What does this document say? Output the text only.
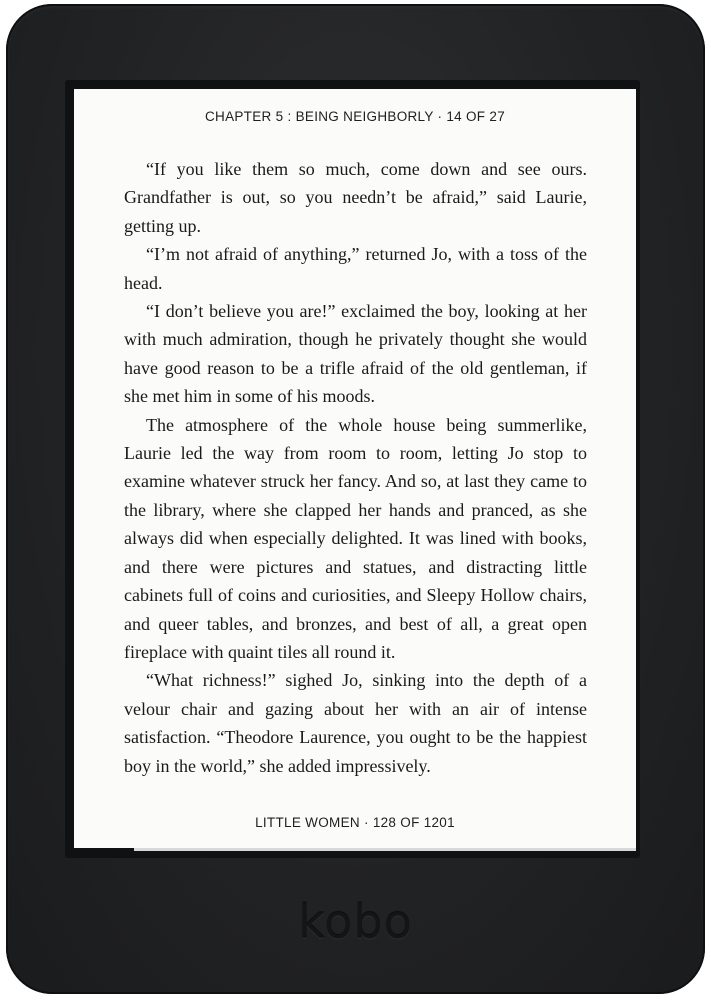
CHAPTER 5 : BEING NEIGHBORLY · 14 OF 27

“If you like them so much, come down and see ours. Grandfather is out, so you needn’t be afraid,” said Laurie, getting up.

“I’m not afraid of anything,” returned Jo, with a toss of the head.

“I don’t believe you are!” exclaimed the boy, looking at her with much admiration, though he privately thought she would have good reason to be a trifle afraid of the old gentleman, if she met him in some of his moods.

The atmosphere of the whole house being summerlike, Laurie led the way from room to room, letting Jo stop to examine whatever struck her fancy. And so, at last they came to the library, where she clapped her hands and pranced, as she always did when especially delighted. It was lined with books, and there were pictures and statues, and distracting little cabinets full of coins and curiosities, and Sleepy Hollow chairs, and queer tables, and bronzes, and best of all, a great open fireplace with quaint tiles all round it.

“What richness!” sighed Jo, sinking into the depth of a velour chair and gazing about her with an air of intense satisfaction. “Theodore Laurence, you ought to be the happiest boy in the world,” she added impressively.

LITTLE WOMEN · 128 OF 1201
kobo
